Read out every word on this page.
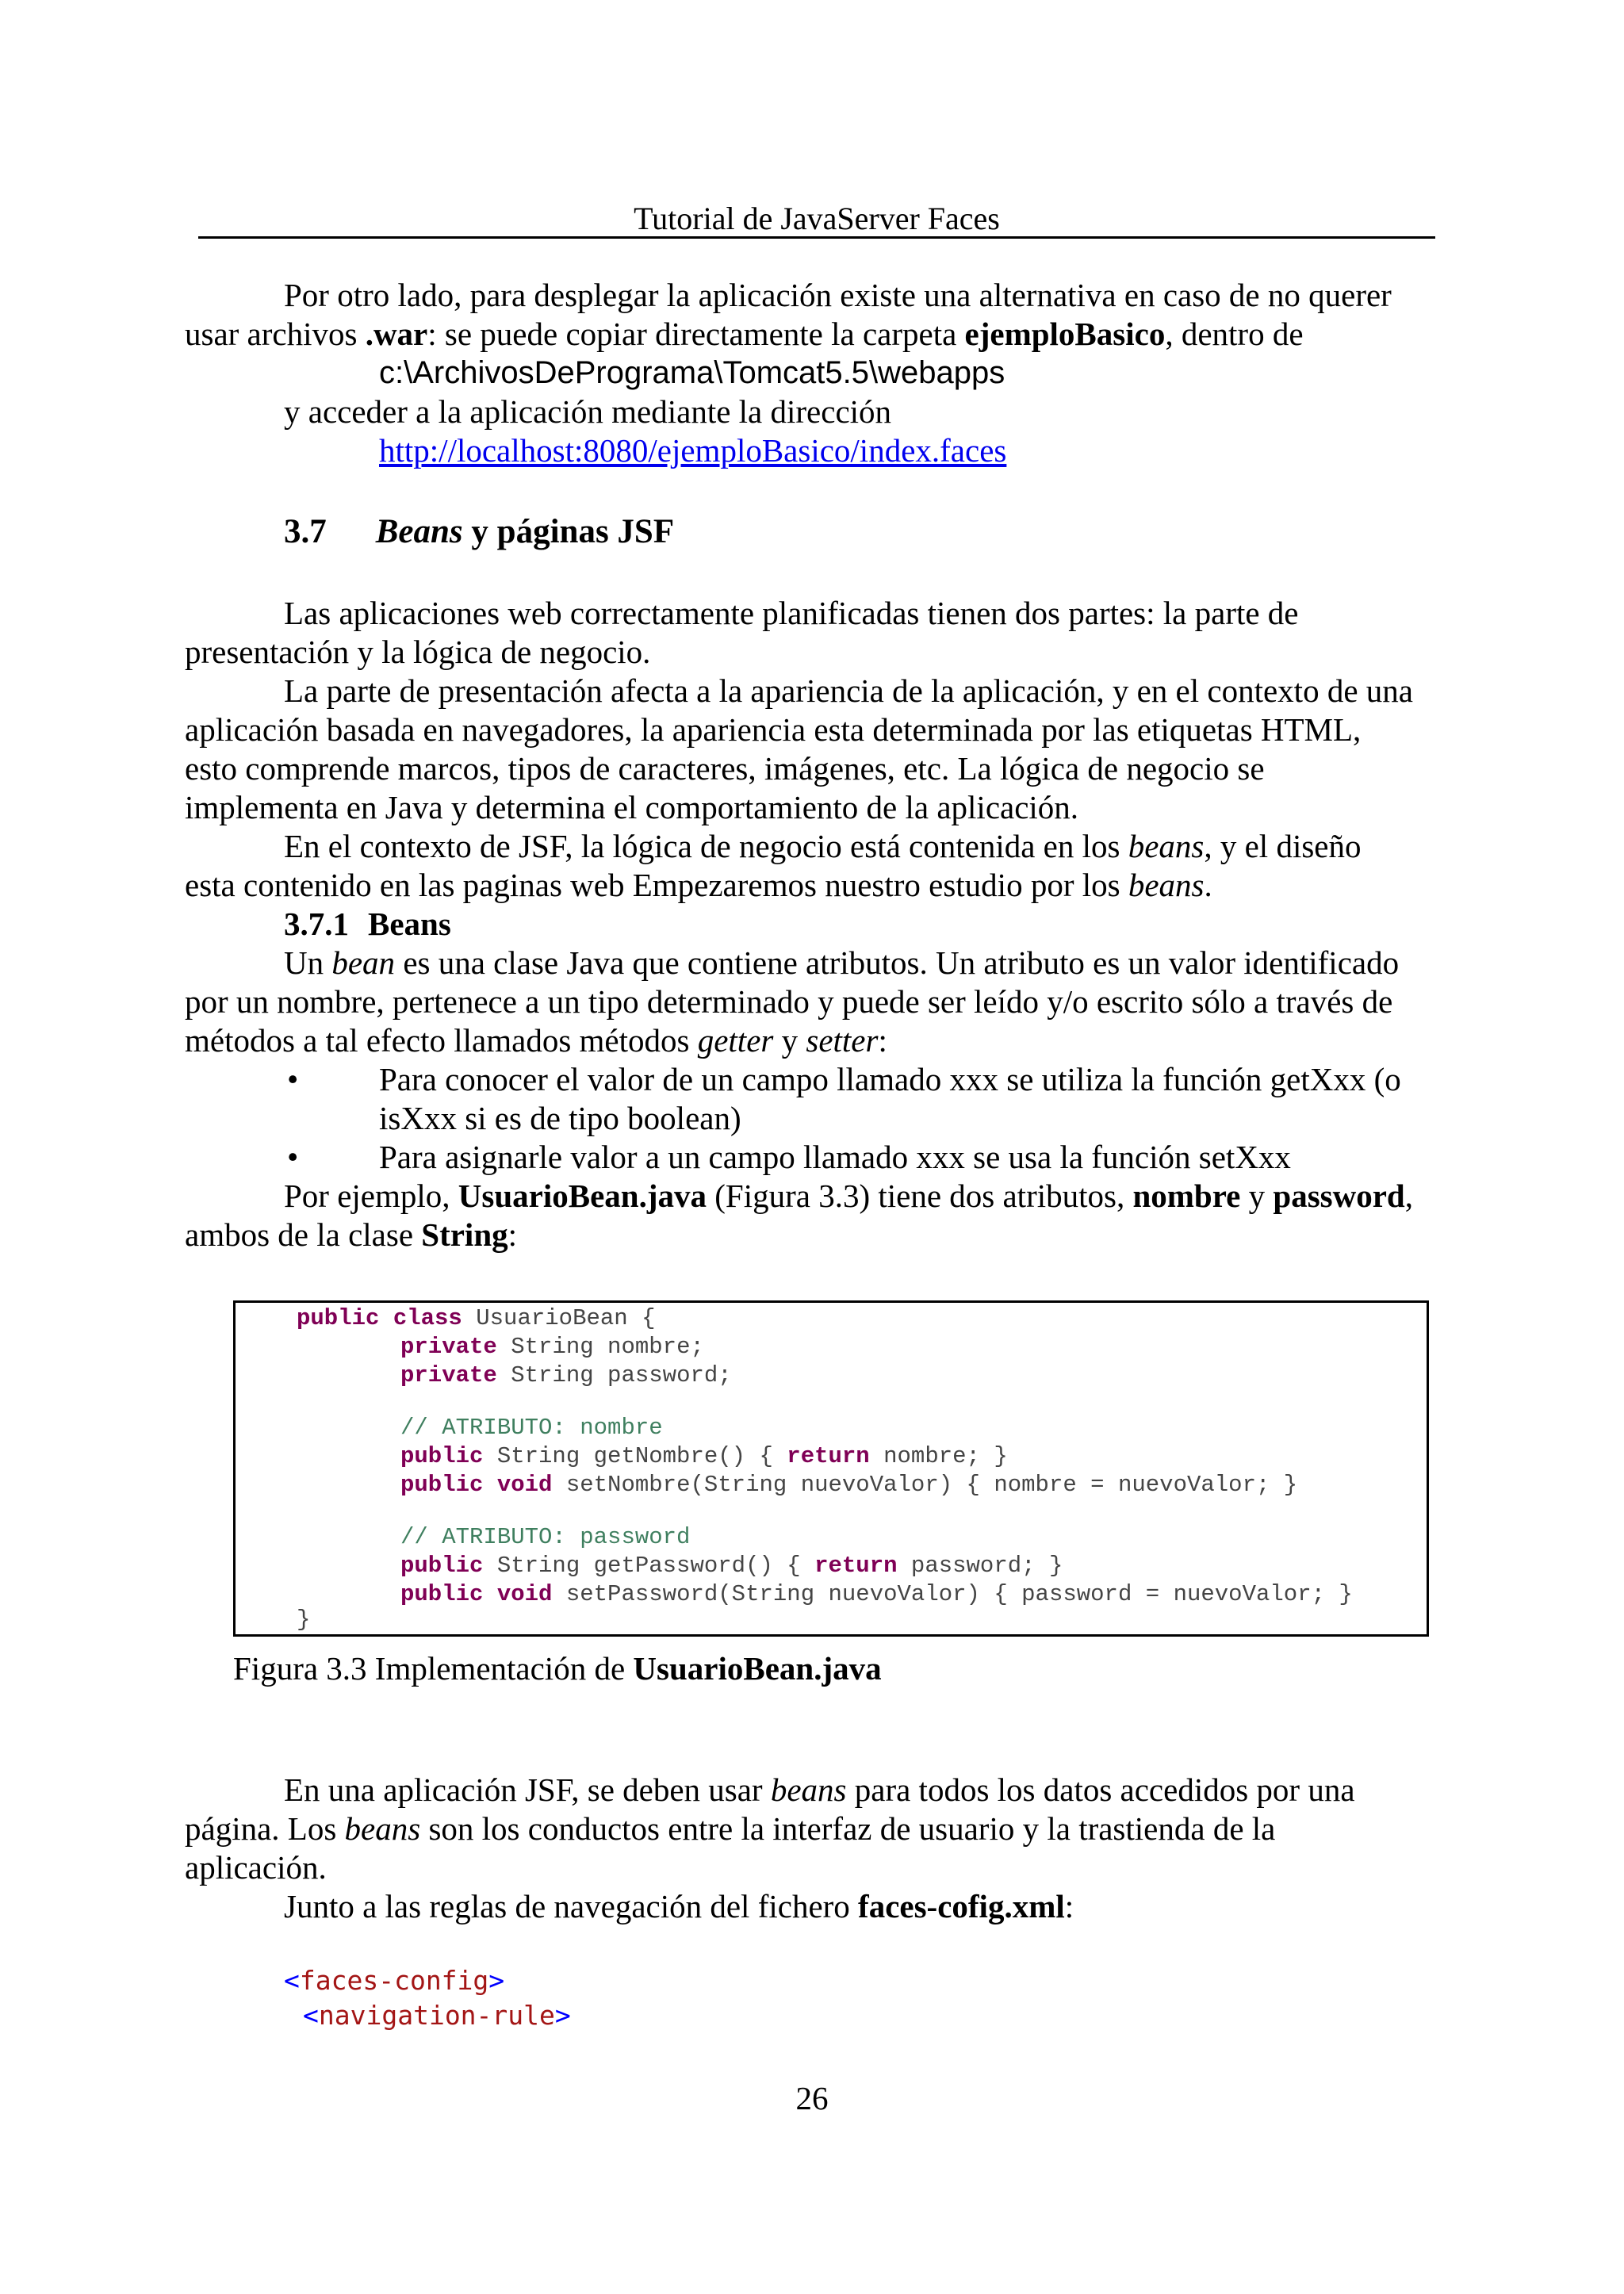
Tutorial de JavaServer Faces
Por otro lado, para desplegar la aplicación existe una alternativa en caso de no querer
usar archivos .war: se puede copiar directamente la carpeta ejemploBasico, dentro de
c:\ArchivosDePrograma\Tomcat5.5\webapps
y acceder a la aplicación mediante la dirección
http://localhost:8080/ejemploBasico/index.faces
3.7 Beans y páginas JSF
Las aplicaciones web correctamente planificadas tienen dos partes: la parte de
presentación y la lógica de negocio.
La parte de presentación afecta a la apariencia de la aplicación, y en el contexto de una
aplicación basada en navegadores, la apariencia esta determinada por las etiquetas HTML,
esto comprende marcos, tipos de caracteres, imágenes, etc. La lógica de negocio se
implementa en Java y determina el comportamiento de la aplicación.
En el contexto de JSF, la lógica de negocio está contenida en los beans, y el diseño
esta contenido en las paginas web Empezaremos nuestro estudio por los beans.
3.7.1 Beans
Un bean es una clase Java que contiene atributos. Un atributo es un valor identificado
por un nombre, pertenece a un tipo determinado y puede ser leído y/o escrito sólo a través de
métodos a tal efecto llamados métodos getter y setter:
• Para conocer el valor de un campo llamado xxx se utiliza la función getXxx (o
isXxx si es de tipo boolean)
• Para asignarle valor a un campo llamado xxx se usa la función setXxx
Por ejemplo, UsuarioBean.java (Figura 3.3) tiene dos atributos, nombre y password,
ambos de la clase String:
public class UsuarioBean {
private String nombre;
private String password;
// ATRIBUTO: nombre
public String getNombre() { return nombre; }
public void setNombre(String nuevoValor) { nombre = nuevoValor; }
// ATRIBUTO: password
public String getPassword() { return password; }
public void setPassword(String nuevoValor) { password = nuevoValor; }
}
Figura 3.3 Implementación de UsuarioBean.java
En una aplicación JSF, se deben usar beans para todos los datos accedidos por una
página. Los beans son los conductos entre la interfaz de usuario y la trastienda de la
aplicación.
Junto a las reglas de navegación del fichero faces-cofig.xml:
<faces-config>
<navigation-rule>
26
